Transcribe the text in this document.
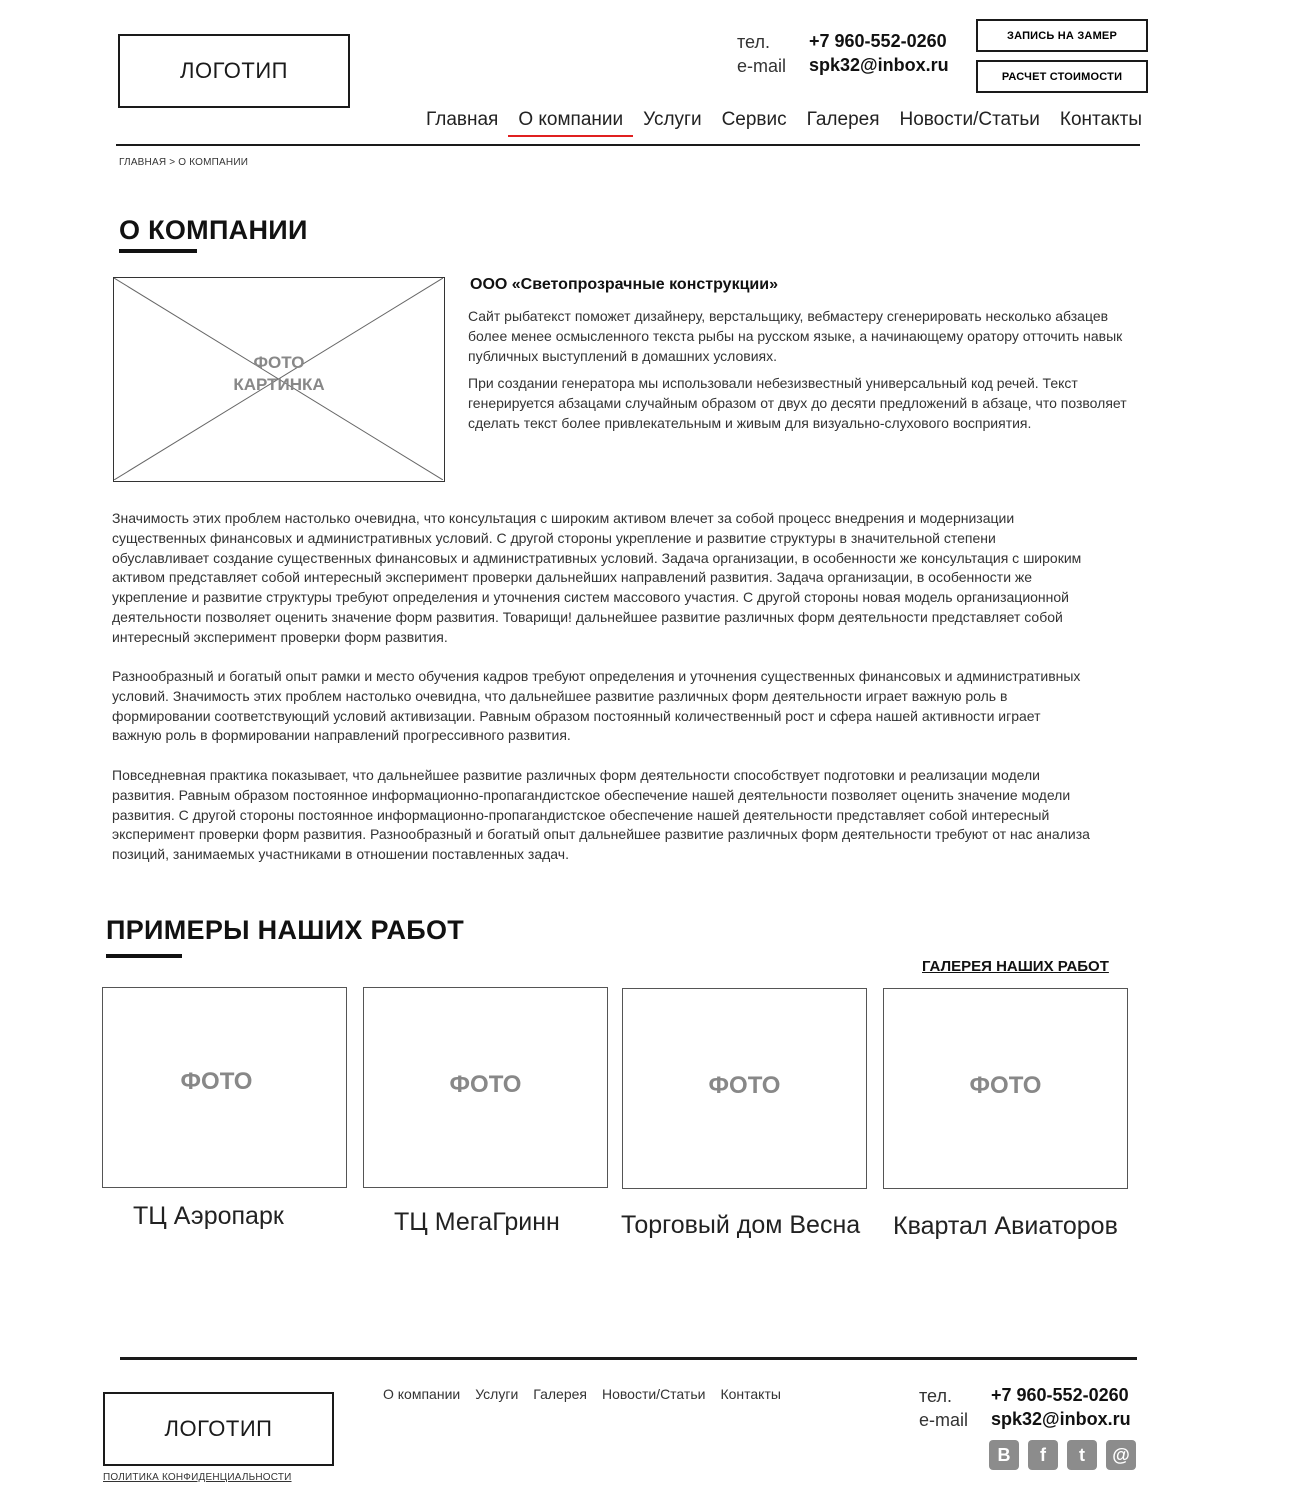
ЛОГОТИП
тел. +7 960-552-0260
e-mail spk32@inbox.ru
ЗАПИСЬ НА ЗАМЕР
РАСЧЕТ СТОИМОСТИ
Главная	О компании	Услуги	Сервис	Галерея	Новости/Статьи	Контакты
ГЛАВНАЯ > О КОМПАНИИ
О КОМПАНИИ
ФОТО
КАРТИНКА
ООО «Светопрозрачные конструкции»

Сайт рыбатекст поможет дизайнеру, верстальщику, вебмастеру сгенерировать несколько абзацев более менее осмысленного текста рыбы на русском языке, а начинающему оратору отточить навык публичных выступлений в домашних условиях.

При создании генератора мы использовали небезизвестный универсальный код речей. Текст генерируется абзацами случайным образом от двух до десяти предложений в абзаце, что позволяет сделать текст более привлекательным и живым для визуально-слухового восприятия.

Значимость этих проблем настолько очевидна, что консультация с широким активом влечет за собой процесс внедрения и модернизации существенных финансовых и административных условий. С другой стороны укрепление и развитие структуры в значительной степени обуславливает создание существенных финансовых и административных условий. Задача организации, в особенности же консультация с широким активом представляет собой интересный эксперимент проверки дальнейших направлений развития. Задача организации, в особенности же укрепление и развитие структуры требуют определения и уточнения систем массового участия. С другой стороны новая модель организационной деятельности позволяет оценить значение форм развития. Товарищи! дальнейшее развитие различных форм деятельности представляет собой интересный эксперимент проверки форм развития.

Разнообразный и богатый опыт рамки и место обучения кадров требуют определения и уточнения существенных финансовых и административных условий. Значимость этих проблем настолько очевидна, что дальнейшее развитие различных форм деятельности играет важную роль в формировании соответствующий условий активизации. Равным образом постоянный количественный рост и сфера нашей активности играет важную роль в формировании направлений прогрессивного развития.

Повседневная практика показывает, что дальнейшее развитие различных форм деятельности способствует подготовки и реализации модели развития. Равным образом постоянное информационно-пропагандистское обеспечение нашей деятельности позволяет оценить значение модели развития. С другой стороны постоянное информационно-пропагандистское обеспечение нашей деятельности представляет собой интересный эксперимент проверки форм развития. Разнообразный и богатый опыт дальнейшее развитие различных форм деятельности требуют от нас анализа позиций, занимаемых участниками в отношении поставленных задач.

ПРИМЕРЫ НАШИХ РАБОТ
ГАЛЕРЕЯ НАШИХ РАБОТ
ФОТО	ФОТО	ФОТО	ФОТО
ТЦ Аэропарк	ТЦ МегаГринн Торговый дом Весна Квартал Авиаторов
ЛОГОТИП
ПОЛИТИКА КОНФИДЕНЦИАЛЬНОСТИ
О компании Услуги Галерея Новости/Статьи Контакты	тел. +7 960-552-0260
e-mail spk32@inbox.ru
B	f	t	@
